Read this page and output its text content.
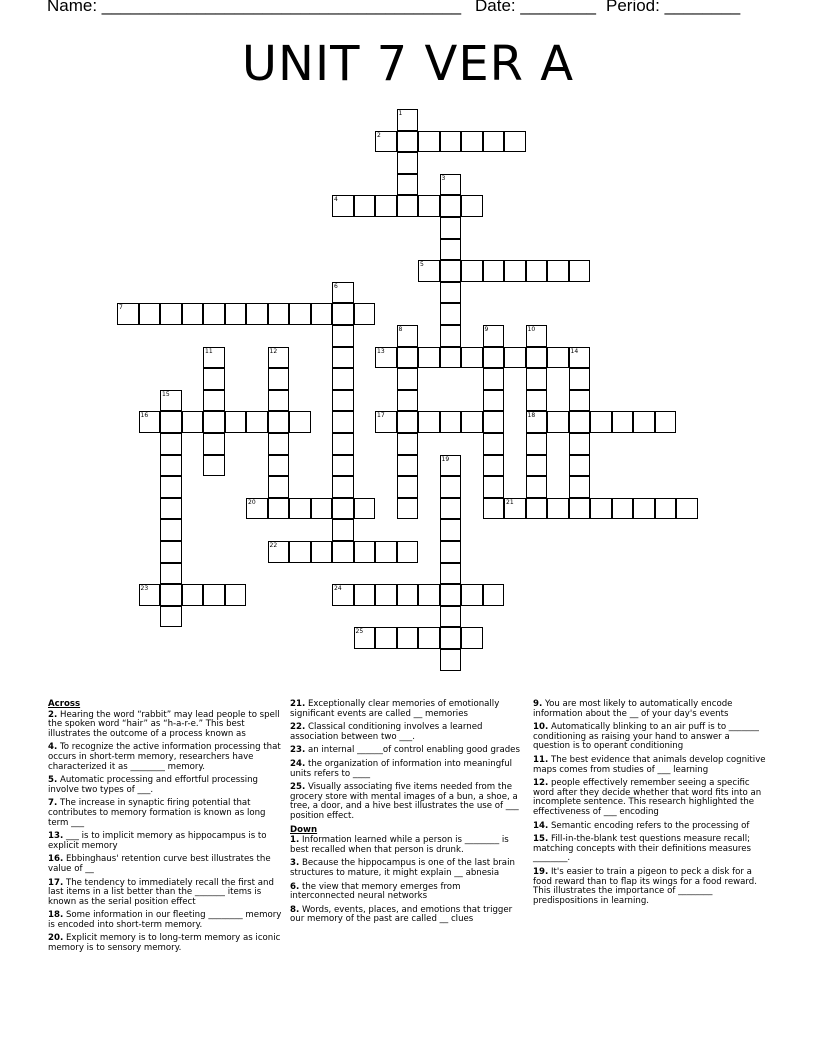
Name: ______________________________________ Date: ________ Period: ________
UNIT 7 VER A
1
2
3
4
5
6
7
8	9	10
18
11	12	13	14
15
16	17
19
20	21
22
23	24
25
Across
2. Hearing the word “rabbit” may lead people to spell the spoken word “hair” as “h-a-r-e.” This best illustrates the outcome of a process known as
4. To recognize the active information processing that occurs in short-term memory, researchers have characterized it as ________ memory.
5. Automatic processing and effortful processing involve two types of ___.
7. The increase in synaptic firing potential that contributes to memory formation is known as long term ___
13. ___ is to implicit memory as hippocampus is to explicit memory
16. Ebbinghaus' retention curve best illustrates the value of __
17. The tendency to immediately recall the first and last items in a list better than the _______ items is known as the serial position effect
18. Some information in our fleeting ________ memory is encoded into short-term memory.
20. Explicit memory is to long-term memory as iconic memory is to sensory memory.
21. Exceptionally clear memories of emotionally significant events are called __ memories
22. Classical conditioning involves a learned association between two ___.
23. an internal ______of control enabling good grades
24. the organization of information into meaningful units refers to ____
25. Visually associating five items needed from the grocery store with mental images of a bun, a shoe, a tree, a door, and a hive best illustrates the use of ___ position effect.
Down
1. Information learned while a person is ________ is best recalled when that person is drunk.
3. Because the hippocampus is one of the last brain structures to mature, it might explain __ abnesia
6. the view that memory emerges from interconnected neural networks
8. Words, events, places, and emotions that trigger our memory of the past are called __ clues
9. You are most likely to automatically encode information about the __ of your day's events
10. Automatically blinking to an air puff is to _______ conditioning as raising your hand to answer a question is to operant conditioning
11. The best evidence that animals develop cognitive maps comes from studies of ___ learning
12. people effectively remember seeing a specific word after they decide whether that word fits into an incomplete sentence. This research highlighted the effectiveness of ___ encoding
14. Semantic encoding refers to the processing of
15. Fill-in-the-blank test questions measure recall; matching concepts with their definitions measures ________.
19. It's easier to train a pigeon to peck a disk for a food reward than to flap its wings for a food reward. This illustrates the importance of ________ predispositions in learning.
